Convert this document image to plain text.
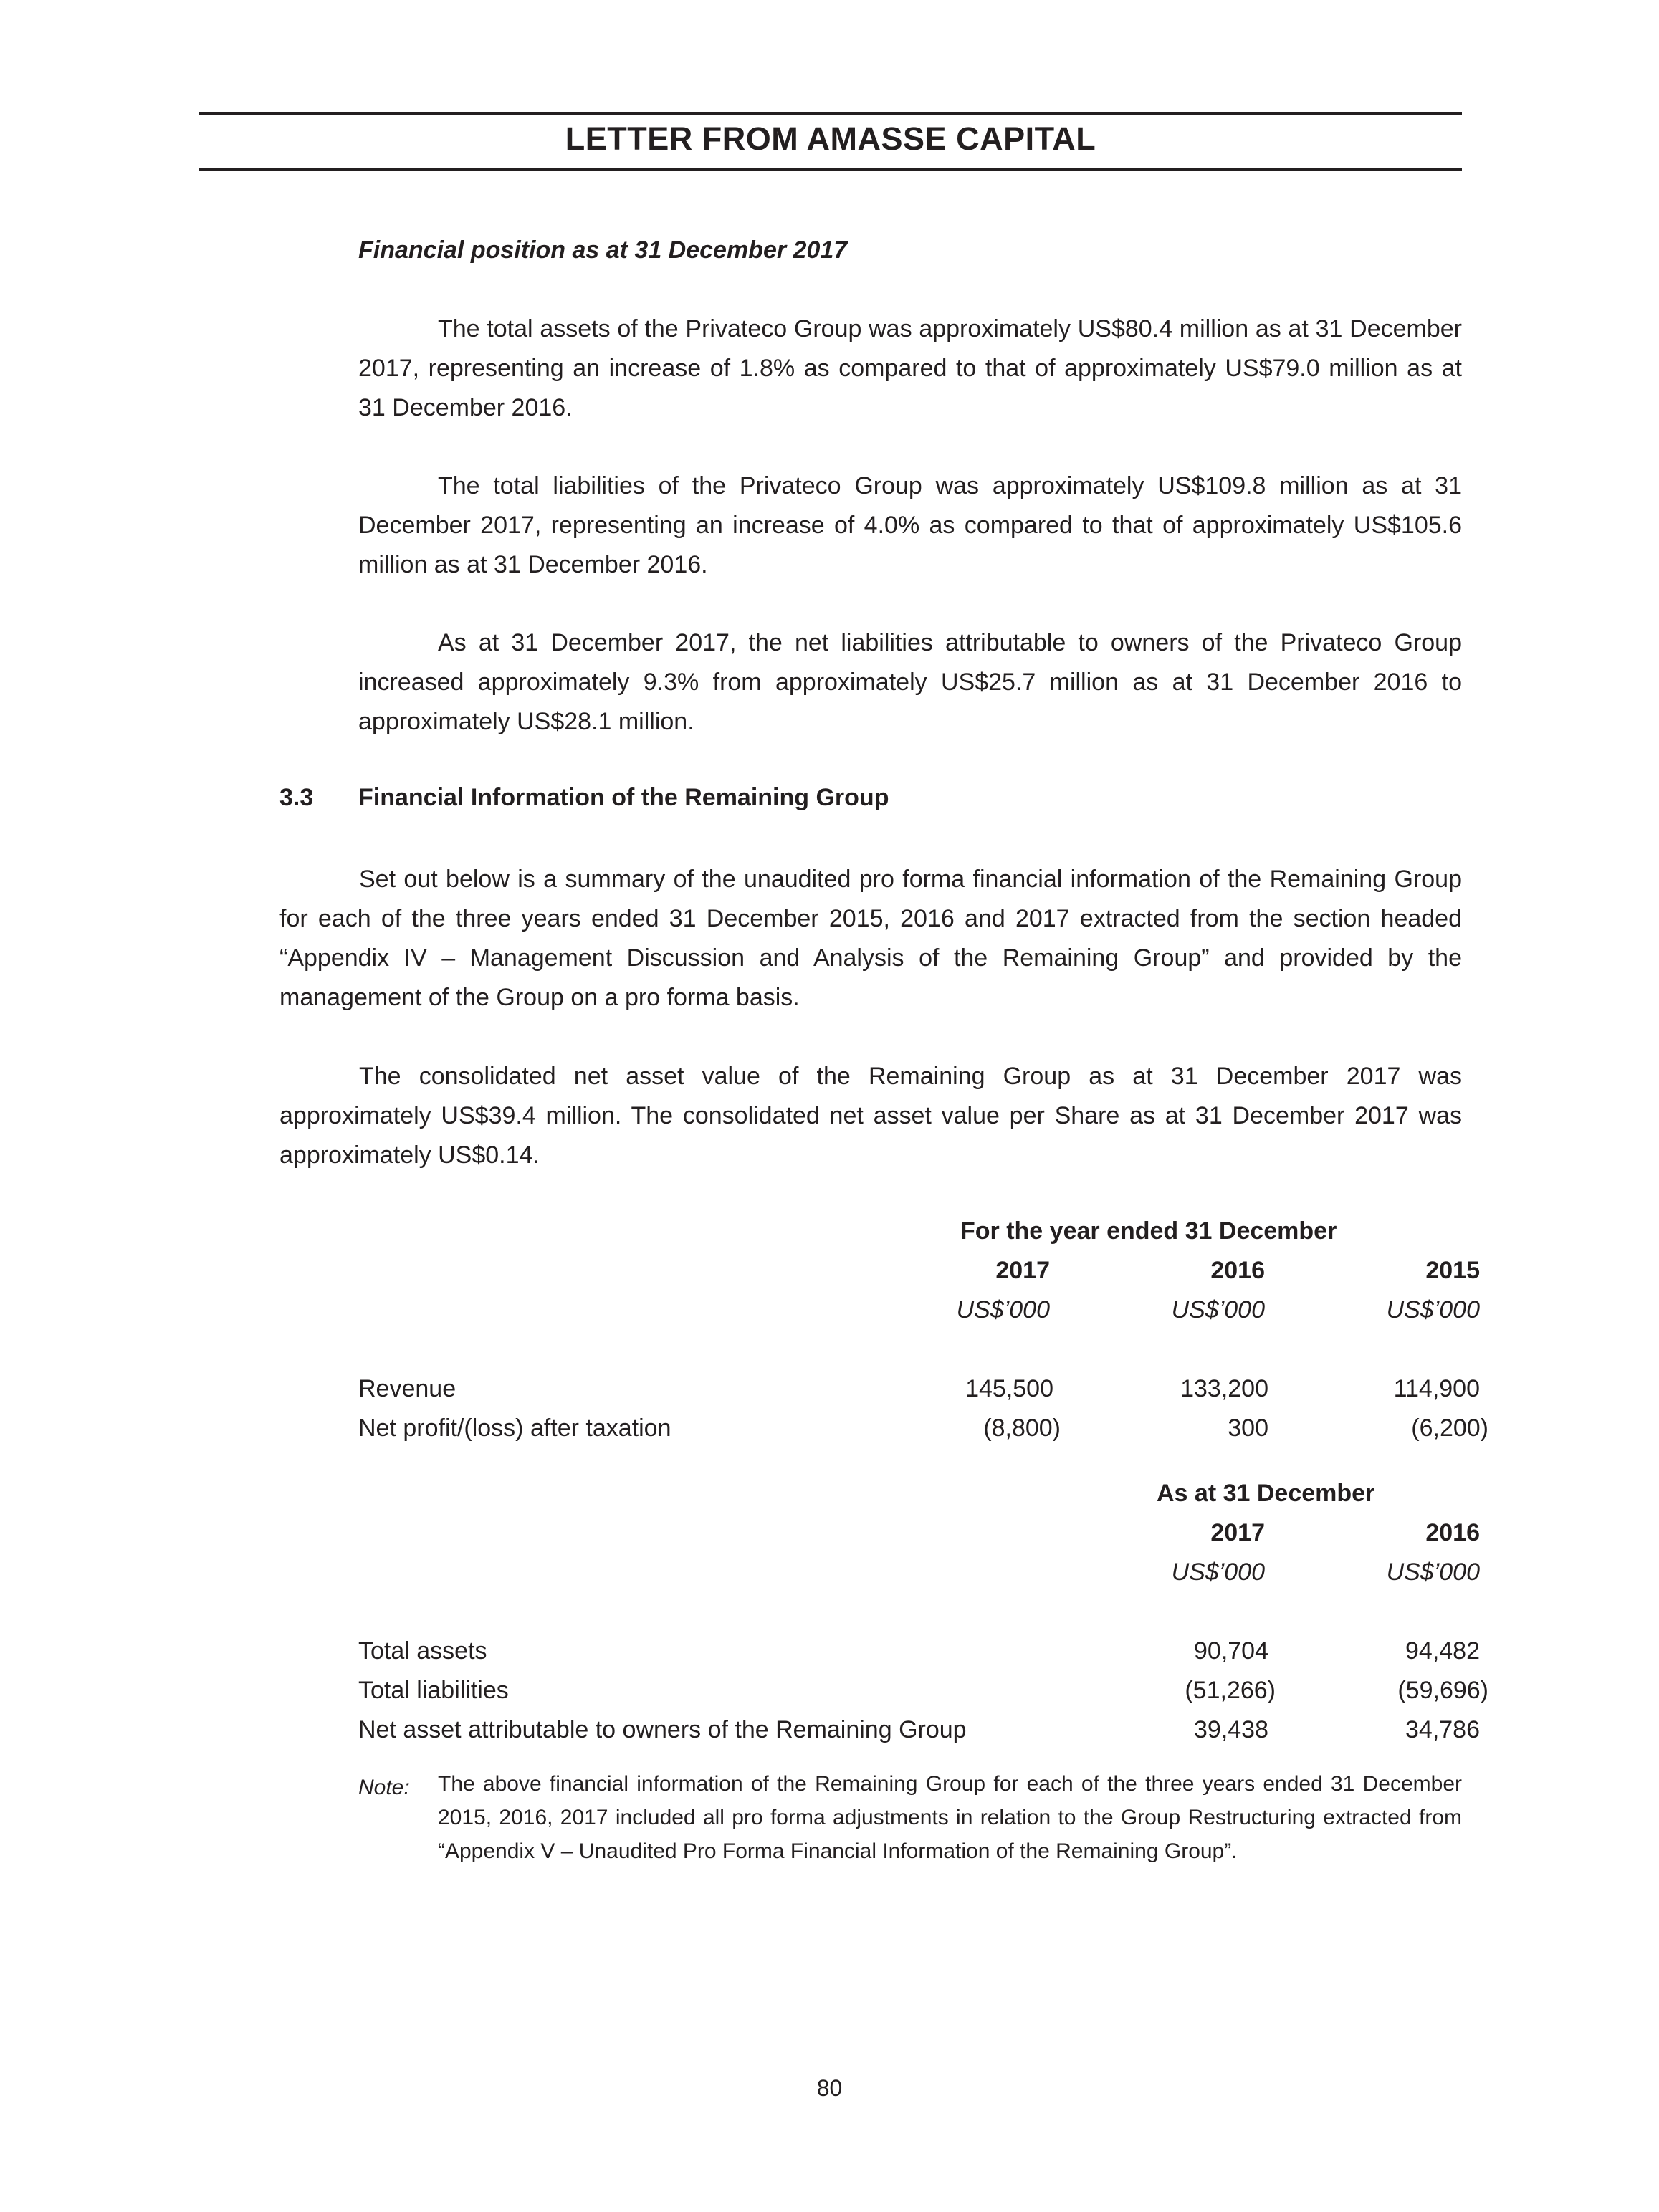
LETTER FROM AMASSE CAPITAL
Financial position as at 31 December 2017
The total assets of the Privateco Group was approximately US$80.4 million as at 31 December 2017, representing an increase of 1.8% as compared to that of approximately US$79.0 million as at 31 December 2016.
The total liabilities of the Privateco Group was approximately US$109.8 million as at 31 December 2017, representing an increase of 4.0% as compared to that of approximately US$105.6 million as at 31 December 2016.
As at 31 December 2017, the net liabilities attributable to owners of the Privateco Group increased approximately 9.3% from approximately US$25.7 million as at 31 December 2016 to approximately US$28.1 million.
3.3 Financial Information of the Remaining Group
Set out below is a summary of the unaudited pro forma financial information of the Remaining Group for each of the three years ended 31 December 2015, 2016 and 2017 extracted from the section headed “Appendix IV – Management Discussion and Analysis of the Remaining Group” and provided by the management of the Group on a pro forma basis.
The consolidated net asset value of the Remaining Group as at 31 December 2017 was approximately US$39.4 million. The consolidated net asset value per Share as at 31 December 2017 was approximately US$0.14.
For the year ended 31 December
2017	2016	2015
US$’000	US$’000	US$’000
Revenue	145,500	133,200	114,900
Net profit/(loss) after taxation	(8,800)	300	(6,200)
As at 31 December
2017	2016
US$’000	US$’000
Total assets	90,704	94,482
Total liabilities	(51,266)	(59,696)
Net asset attributable to owners of the Remaining Group	39,438	34,786
Note: The above financial information of the Remaining Group for each of the three years ended 31 December 2015, 2016, 2017 included all pro forma adjustments in relation to the Group Restructuring extracted from “Appendix V – Unaudited Pro Forma Financial Information of the Remaining Group”.
80
